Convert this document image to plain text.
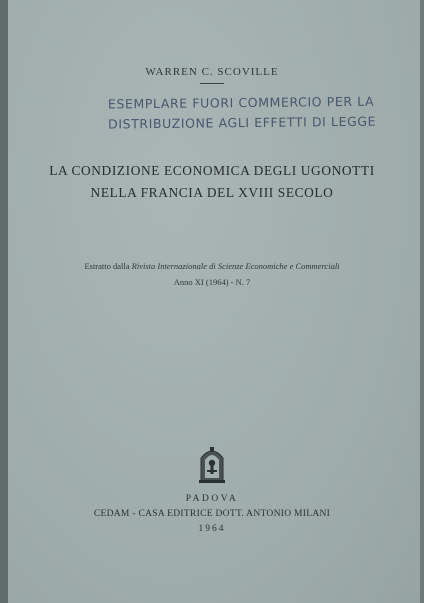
WARREN C. SCOVILLE
ESEMPLARE FUORI COMMERCIO PER LA
DISTRIBUZIONE AGLI EFFETTI DI LEGGE
LA CONDIZIONE ECONOMICA DEGLI UGONOTTI
NELLA FRANCIA DEL XVIII SECOLO
Estratto dalla Rivista Internazionale di Scienze Economiche e Commerciali
Anno XI (1964) - N. 7
PADOVA
CEDAM - CASA EDITRICE DOTT. ANTONIO MILANI
1964
